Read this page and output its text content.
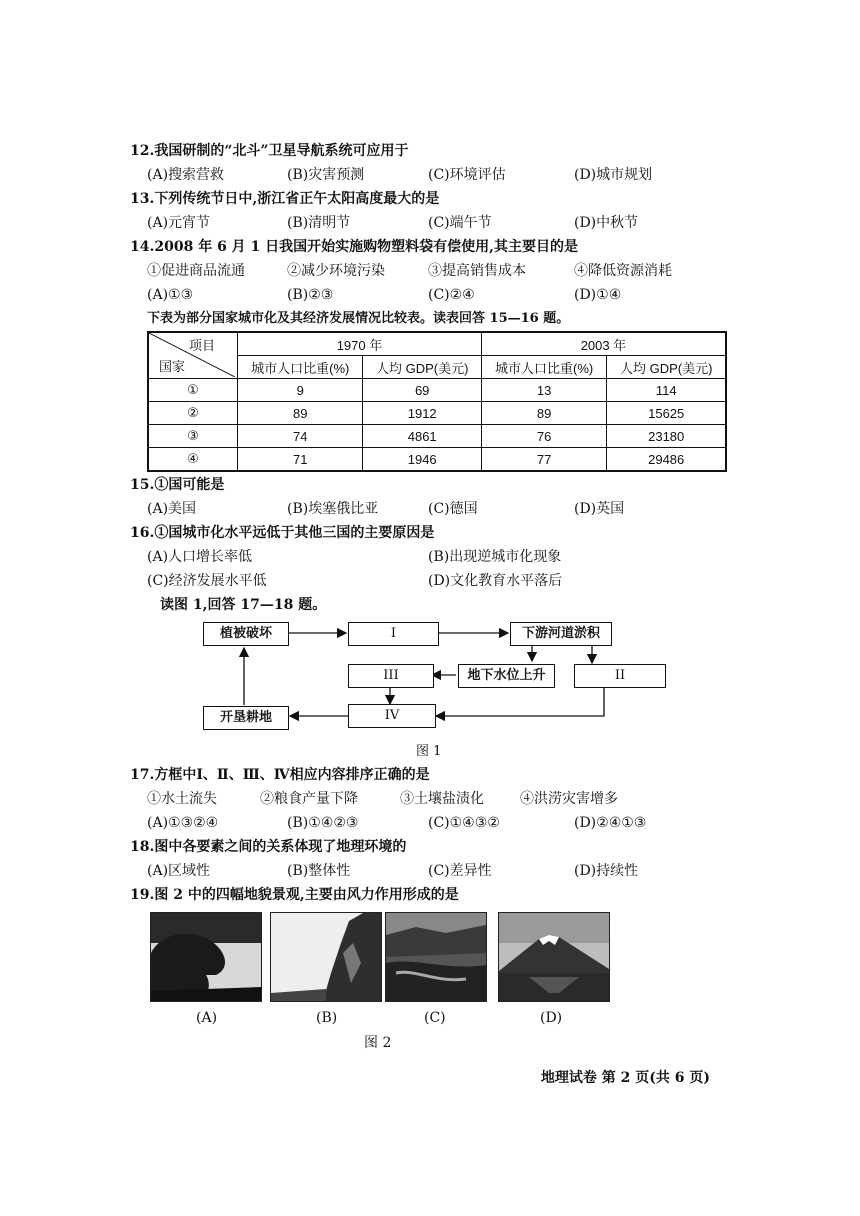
12.我国研制的“北斗”卫星导航系统可应用于
(A)搜索营救	(B)灾害预测	(C)环境评估	(D)城市规划
13.下列传统节日中,浙江省正午太阳高度最大的是
(A)元宵节	(B)清明节	(C)端午节	(D)中秋节
14.2008 年 6 月 1 日我国开始实施购物塑料袋有偿使用,其主要目的是
①促进商品流通	②减少环境污染	③提高销售成本	④降低资源消耗
(A)①③	(B)②③	(C)②④	(D)①④
下表为部分国家城市化及其经济发展情况比较表。读表回答 15—16 题。
项目
国家	1970 年		2003 年	
	城市人口比重(%)	人均 GDP(美元)	城市人口比重(%)	人均 GDP(美元)
①	9	69	13	114
②	89	1912	89	15625
③	74	4861	76	23180
④	71	1946	77	29486
15.①国可能是
(A)美国	(B)埃塞俄比亚	(C)德国	(D)英国
16.①国城市化水平远低于其他三国的主要原因是
(A)人口增长率低	(B)出现逆城市化现象
(C)经济发展水平低	(D)文化教育水平落后
读图 1,回答 17—18 题。
植被破坏	I	下游河道淤积
III	地下水位上升	II
开垦耕地	IV
图 1
17.方框中Ⅰ、Ⅱ、Ⅲ、Ⅳ相应内容排序正确的是
①水土流失	②粮食产量下降	③土壤盐渍化	④洪涝灾害增多
(A)①③②④	(B)①④②③	(C)①④③②	(D)②④①③
18.图中各要素之间的关系体现了地理环境的
(A)区域性	(B)整体性	(C)差异性	(D)持续性
19.图 2 中的四幅地貌景观,主要由风力作用形成的是
(A)	(B)	(C)	(D)
图 2
地理试卷 第 2 页(共 6 页)
